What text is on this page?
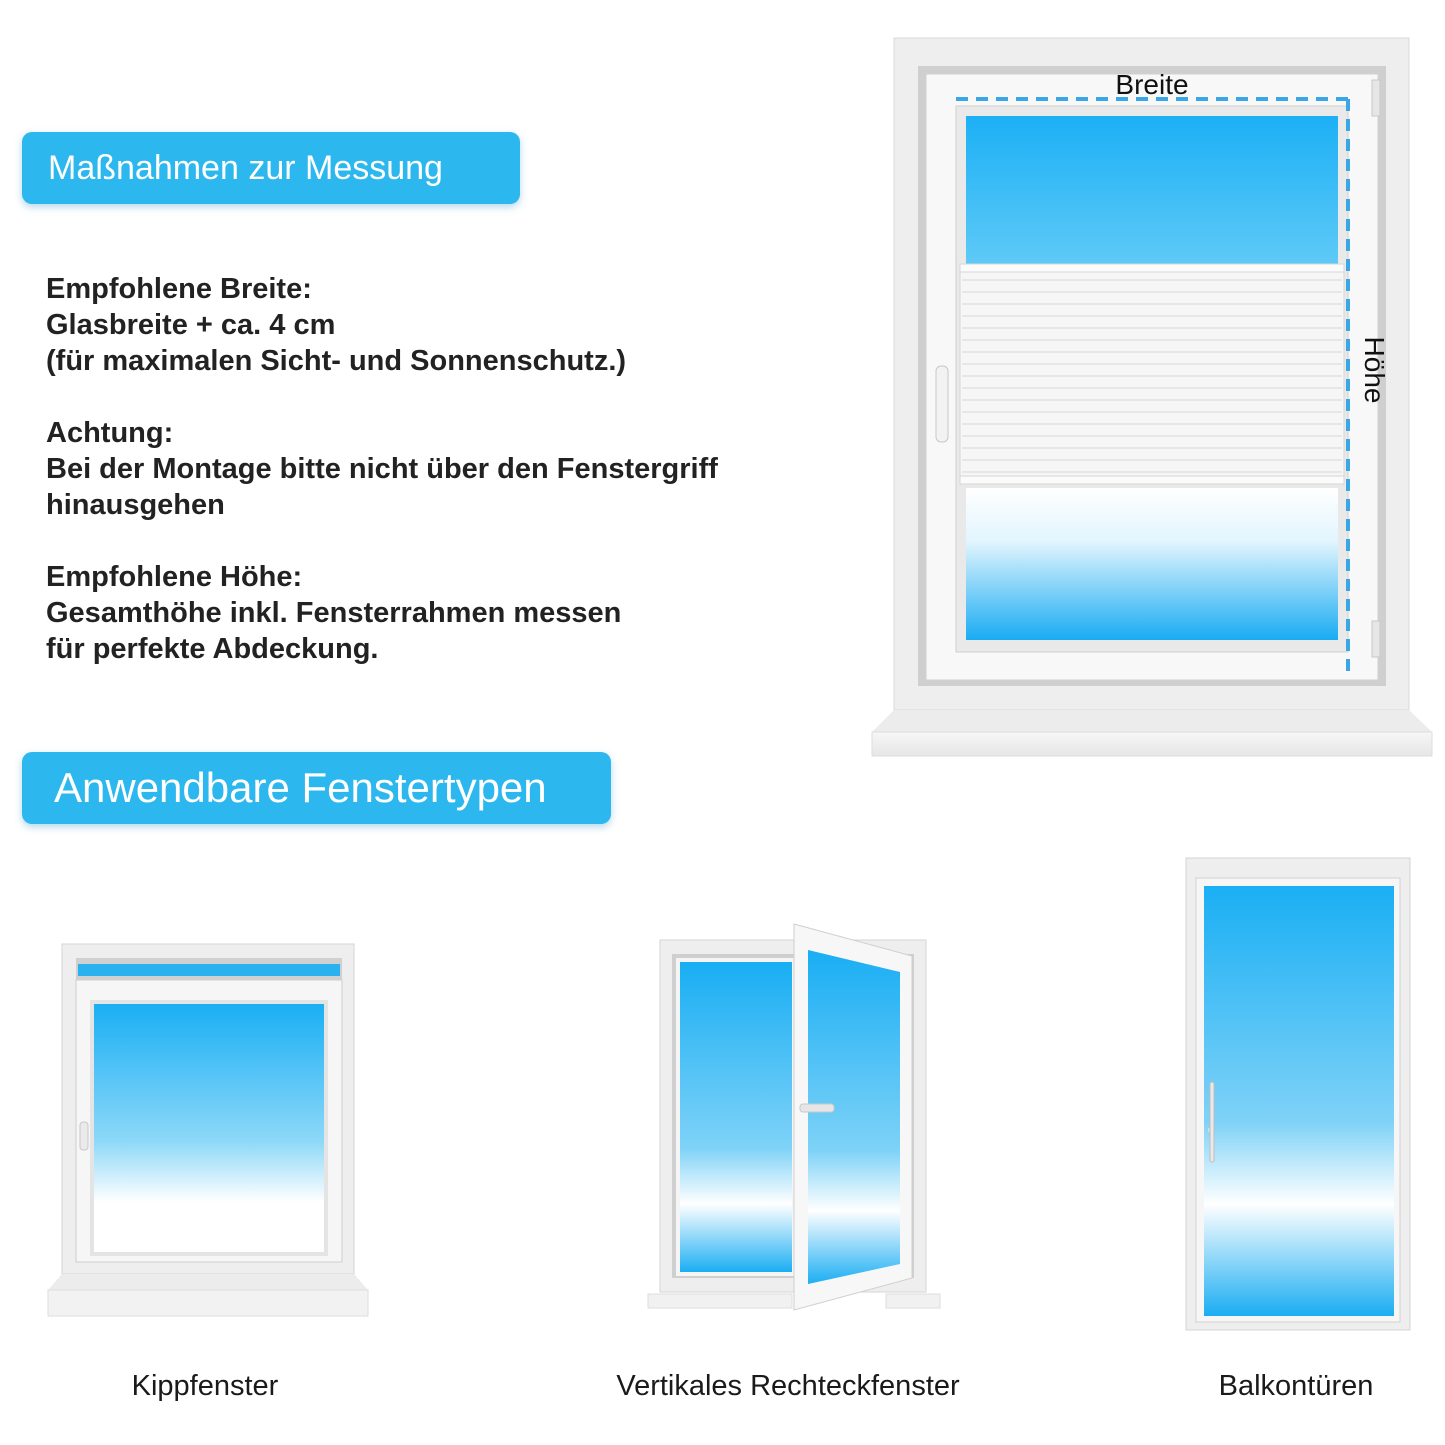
Maßnahmen zur Messung
Empfohlene Breite:
Glasbreite + ca. 4 cm
(für maximalen Sicht- und Sonnenschutz.)
Achtung:
Bei der Montage bitte nicht über den Fenstergriff
hinausgehen
Empfohlene Höhe:
Gesamthöhe inkl. Fensterrahmen messen
für perfekte Abdeckung.
Breite
Höhe
Anwendbare Fenstertypen
Kippfenster	Vertikales Rechteckfenster	Balkontüren
